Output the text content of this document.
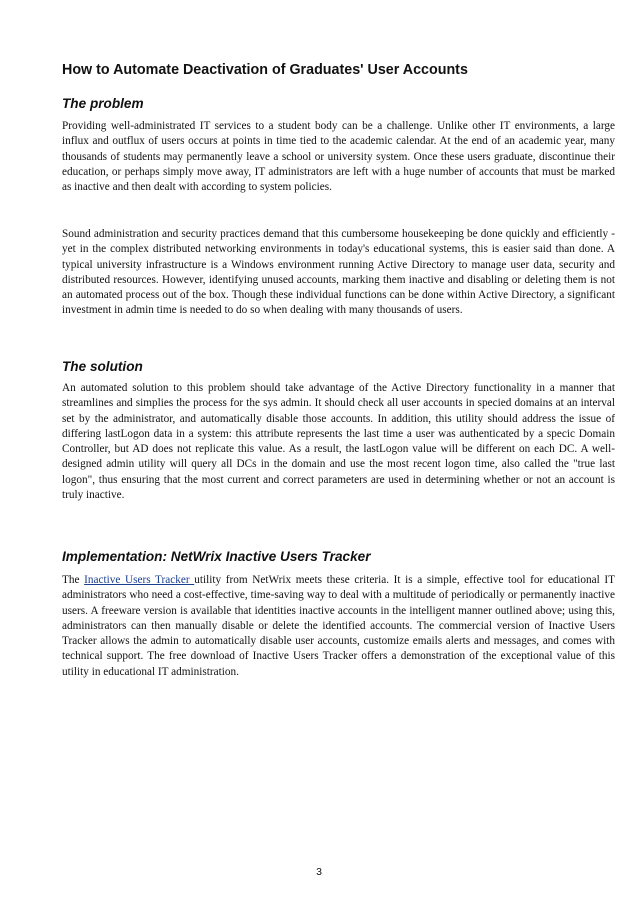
How to Automate Deactivation of Graduates' User Accounts
The problem

Providing well-administrated IT services to a student body can be a challenge. Unlike other IT environments, a large influx and outflux of users occurs at points in time tied to the academic calendar. At the end of an academic year, many thousands of students may permanently leave a school or university system. Once these users graduate, discontinue their education, or perhaps simply move away, IT administrators are left with a huge number of accounts that must be marked as inactive and then dealt with according to system policies.

Sound administration and security practices demand that this cumbersome housekeeping be done quickly and efficiently - yet in the complex distributed networking environments in today's educational systems, this is easier said than done. A typical university infrastructure is a Windows environment running Active Directory to manage user data, security and distributed resources. However, identifying unused accounts, marking them inactive and disabling or deleting them is not an automated process out of the box. Though these individual functions can be done within Active Directory, a significant investment in admin time is needed to do so when dealing with many thousands of users.

The solution

An automated solution to this problem should take advantage of the Active Directory functionality in a manner that streamlines and simplies the process for the sys admin. It should check all user accounts in specied domains at an interval set by the administrator, and automatically disable those accounts. In addition, this utility should address the issue of differing lastLogon data in a system: this attribute represents the last time a user was authenticated by a specic Domain Controller, but AD does not replicate this value. As a result, the lastLogon value will be different on each DC. A well-designed admin utility will query all DCs in the domain and use the most recent logon time, also called the "true last logon", thus ensuring that the most current and correct parameters are used in determining whether or not an account is truly inactive.

Implementation: NetWrix Inactive Users Tracker

The Inactive Users Tracker utility from NetWrix meets these criteria. It is a simple, effective tool for educational IT administrators who need a cost-effective, time-saving way to deal with a multitude of periodically or permanently inactive users. A freeware version is available that identities inactive accounts in the intelligent manner outlined above; using this, administrators can then manually disable or delete the identified accounts. The commercial version of Inactive Users Tracker allows the admin to automatically disable user accounts, customize emails alerts and messages, and comes with technical support. The free download of Inactive Users Tracker offers a demonstration of the exceptional value of this utility in educational IT administration.

3
